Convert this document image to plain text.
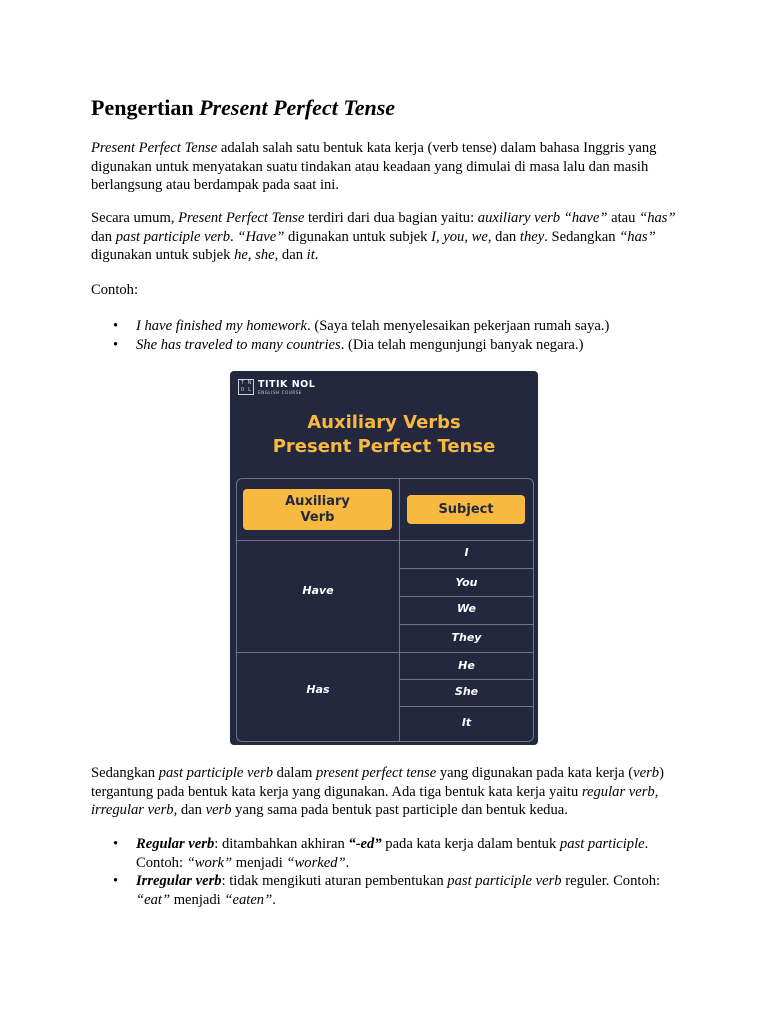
Pengertian Present Perfect Tense

Present Perfect Tense adalah salah satu bentuk kata kerja (verb tense) dalam bahasa Inggris yang digunakan untuk menyatakan suatu tindakan atau keadaan yang dimulai di masa lalu dan masih berlangsung atau berdampak pada saat ini.

Secara umum, Present Perfect Tense terdiri dari dua bagian yaitu: auxiliary verb “have” atau “has” dan past participle verb. “Have” digunakan untuk subjek I, you, we, dan they. Sedangkan “has” digunakan untuk subjek he, she, dan it.

Contoh:

• I have finished my homework. (Saya telah menyelesaikan pekerjaan rumah saya.)
• She has traveled to many countries. (Dia telah mengunjungi banyak negara.)
T N
0 L
TITIK NOL
ENGLISH COURSE
Auxiliary Verbs
Present Perfect Tense
Auxiliary
Verb	Subject
Have
Has
I
You
We
They
He
She
It

Sedangkan past participle verb dalam present perfect tense yang digunakan pada kata kerja (verb) tergantung pada bentuk kata kerja yang digunakan. Ada tiga bentuk kata kerja yaitu regular verb, irregular verb, dan verb yang sama pada bentuk past participle dan bentuk kedua.

• Regular verb: ditambahkan akhiran “-ed” pada kata kerja dalam bentuk past participle. Contoh: “work” menjadi “worked”.
• Irregular verb: tidak mengikuti aturan pembentukan past participle verb reguler. Contoh: “eat” menjadi “eaten”.
